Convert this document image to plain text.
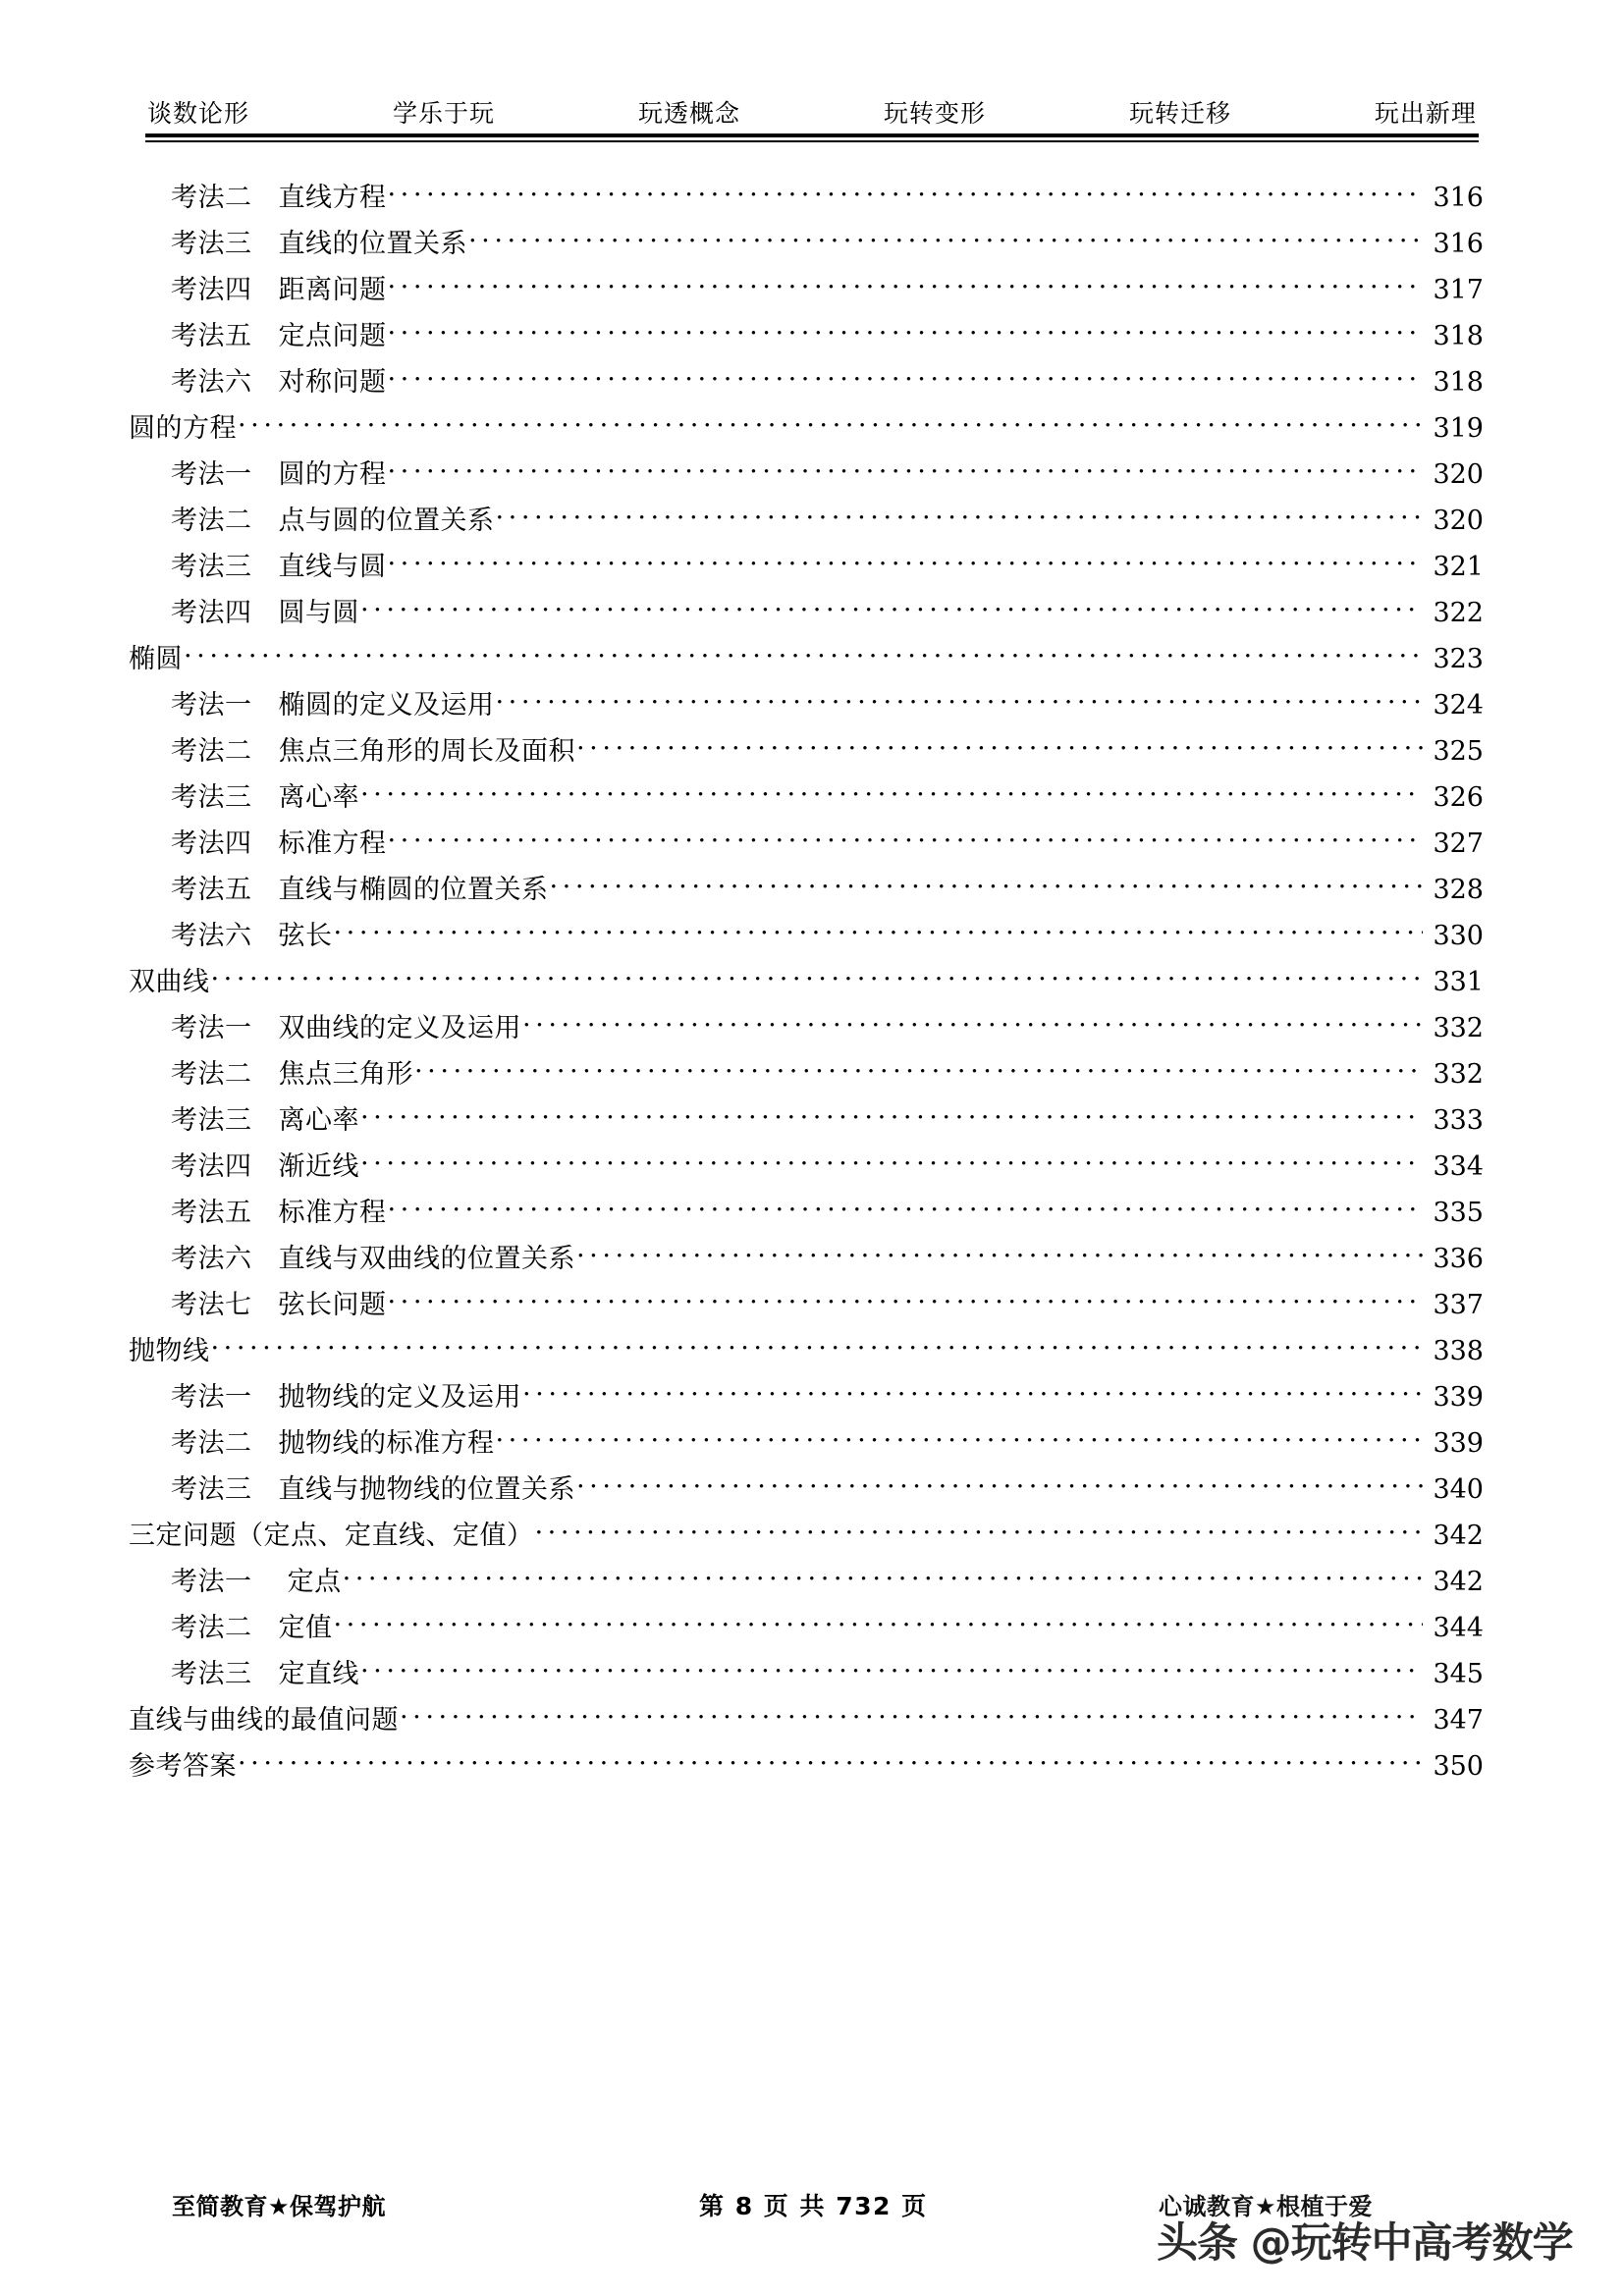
谈数论形	学乐于玩	玩透概念	玩转变形	玩转迁移	玩出新理
考法二 直线方程 . . .	316
考法三 直线的位置关系 . . .	316
考法四 距离问题 . . .	317
考法五 定点问题 . . .	318
考法六 对称问题 . . .	318
圆的方程 . . .	319
考法一 圆的方程 . . .	320
考法二 点与圆的位置关系 . . .	320
考法三 直线与圆 . . .	321
考法四 圆与圆 . . .	322
椭圆 . . .	323
考法一 椭圆的定义及运用 . . .	324
考法二 焦点三角形的周长及面积 . . .	325
考法三 离心率 . . .	326
考法四 标准方程 . . .	327
考法五 直线与椭圆的位置关系 . . .	328
考法六 弦长 . . .	330
双曲线 . . .	331
考法一 双曲线的定义及运用 . . .	332
考法二 焦点三角形 . . .	332
考法三 离心率 . . .	333
考法四 渐近线 . . .	334
考法五 标准方程 . . .	335
考法六 直线与双曲线的位置关系 . . .	336
考法七 弦长问题 . . .	337
抛物线 . . .	338
考法一 抛物线的定义及运用 . . .	339
考法二 抛物线的标准方程 . . .	339
考法三 直线与抛物线的位置关系 . . .	340
三定问题（定点、定直线、定值） . . .	342
考法一 定点 . . .	342
考法二 定值 . . .	344
考法三 定直线 . . .	345
直线与曲线的最值问题 . . .	347
参考答案 . . .	350
至简教育★保驾护航	第 8 页 共 732 页	心诚教育★根植于爱
头条 @玩转中高考数学
